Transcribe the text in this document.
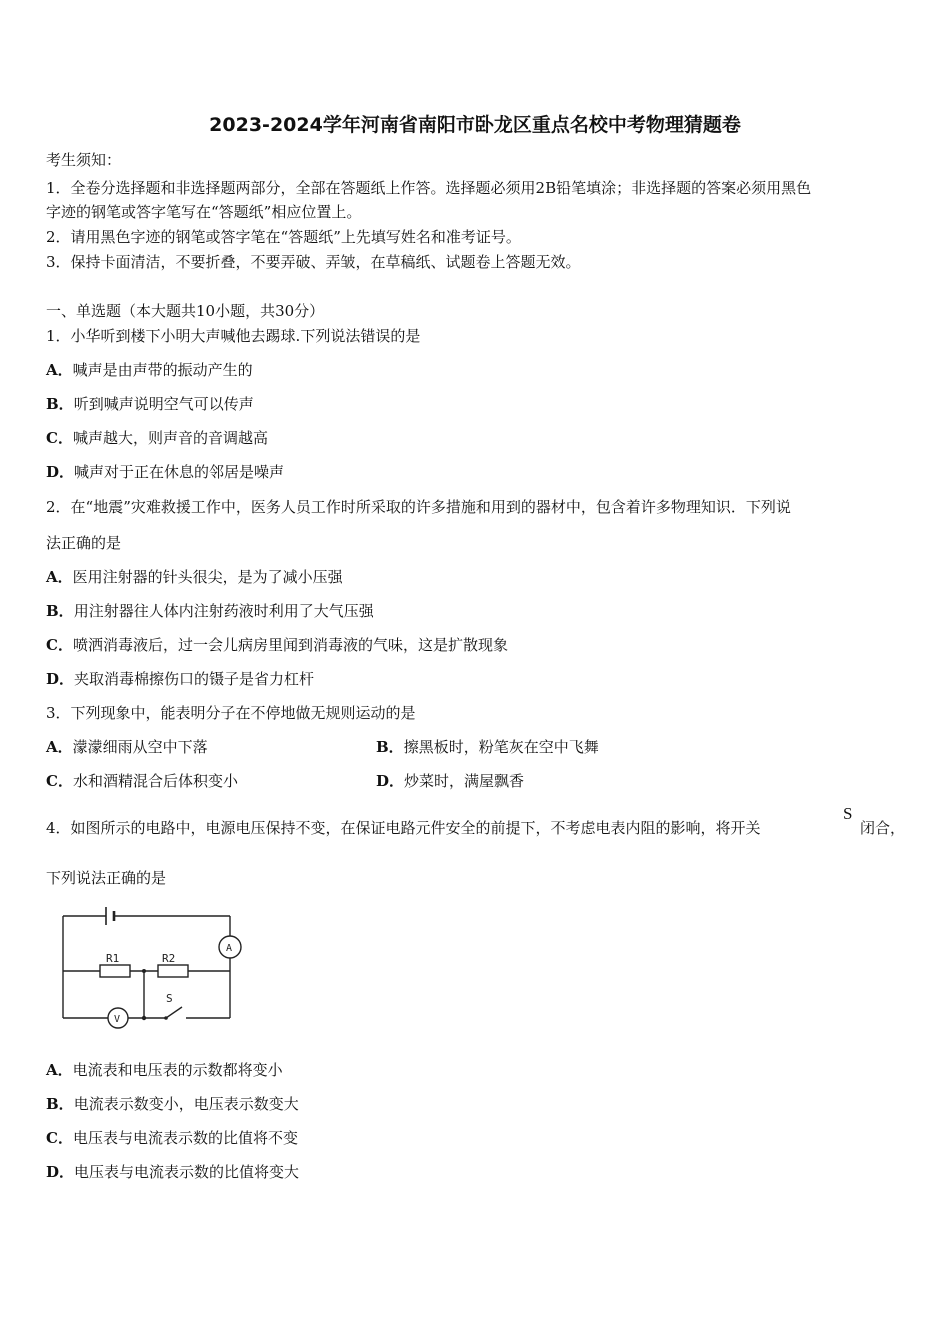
2023-2024学年河南省南阳市卧龙区重点名校中考物理猜题卷
考生须知：
1．全卷分选择题和非选择题两部分，全部在答题纸上作答。选择题必须用2B铅笔填涂；非选择题的答案必须用黑色
字迹的钢笔或答字笔写在“答题纸”相应位置上。
2．请用黑色字迹的钢笔或答字笔在“答题纸”上先填写姓名和准考证号。
3．保持卡面清洁，不要折叠，不要弄破、弄皱，在草稿纸、试题卷上答题无效。
一、单选题（本大题共10小题，共30分）
1．小华听到楼下小明大声喊他去踢球.下列说法错误的是
A．喊声是由声带的振动产生的
B．听到喊声说明空气可以传声
C．喊声越大，则声音的音调越高
D．喊声对于正在休息的邻居是噪声
2．在“地震”灾难救援工作中，医务人员工作时所采取的许多措施和用到的器材中，包含着许多物理知识．下列说
法正确的是
A．医用注射器的针头很尖，是为了减小压强
B．用注射器往人体内注射药液时利用了大气压强
C．喷洒消毒液后，过一会儿病房里闻到消毒液的气味，这是扩散现象
D．夹取消毒棉擦伤口的镊子是省力杠杆
3．下列现象中，能表明分子在不停地做无规则运动的是
A．濛濛细雨从空中下落	B．擦黑板时，粉笔灰在空中飞舞
C．水和酒精混合后体积变小	D．炒菜时，满屋飘香
4．如图所示的电路中，电源电压保持不变，在保证电路元件安全的前提下，不考虑电表内阻的影响，将开关
S
闭合，
下列说法正确的是
R1	R2
A
V
S
A．电流表和电压表的示数都将变小
B．电流表示数变小，电压表示数变大
C．电压表与电流表示数的比值将不变
D．电压表与电流表示数的比值将变大
